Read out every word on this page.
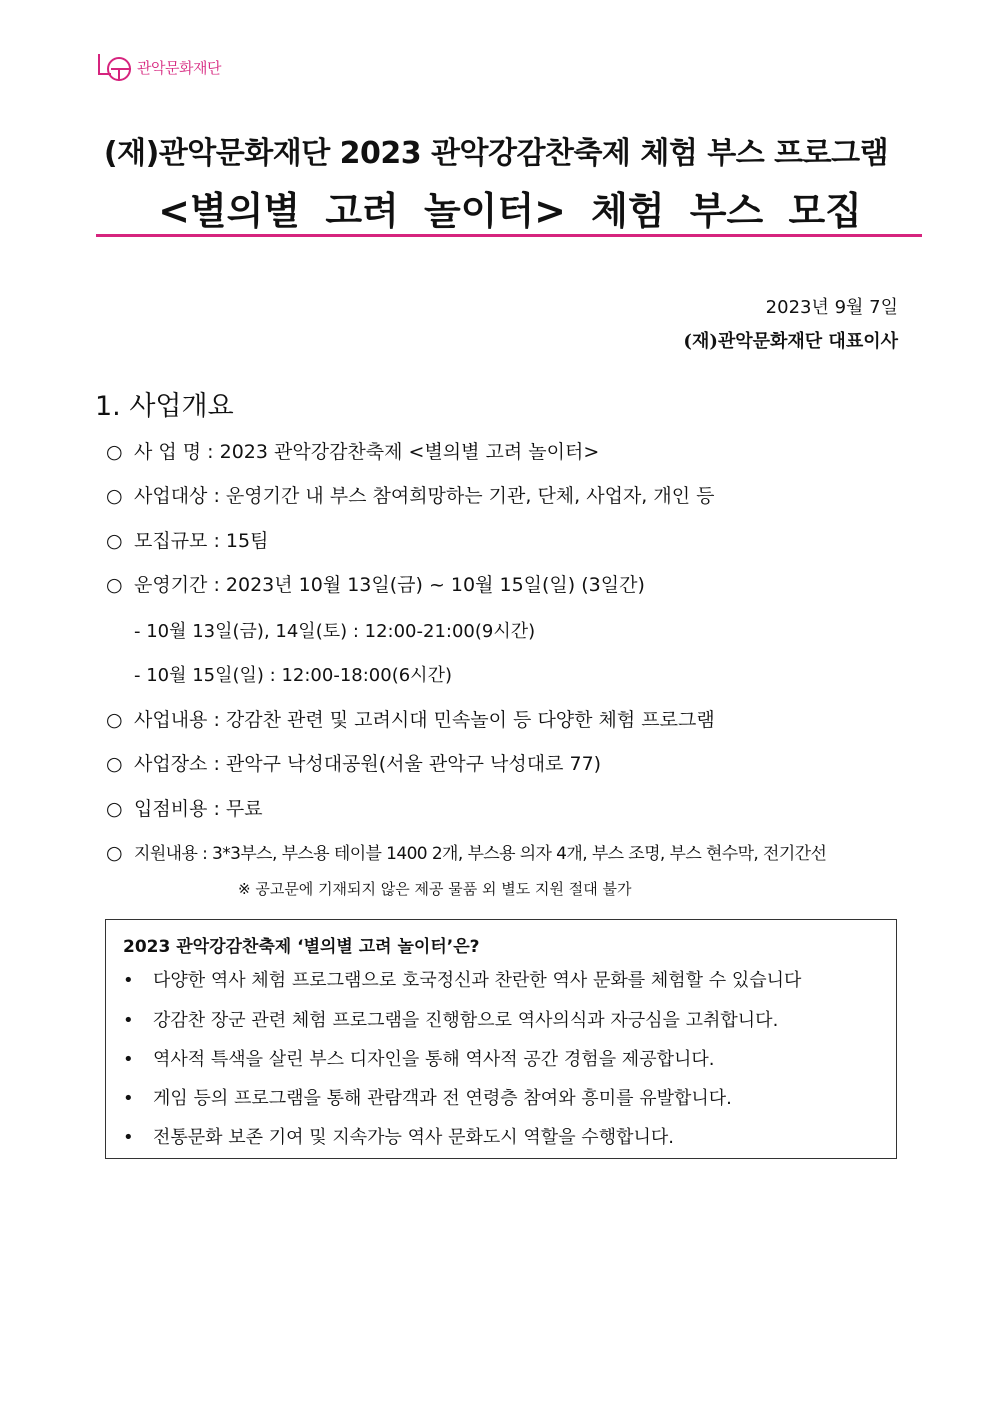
관악문화재단
(재)관악문화재단 2023 관악강감찬축제 체험 부스 프로그램
<별의별 고려 놀이터> 체험 부스 모집
2023년 9월 7일
(재)관악문화재단 대표이사
1. 사업개요
○ 사 업 명 : 2023 관악강감찬축제 <별의별 고려 놀이터>
○ 사업대상 : 운영기간 내 부스 참여희망하는 기관, 단체, 사업자, 개인 등
○ 모집규모 : 15팀
○ 운영기간 : 2023년 10월 13일(금) ~ 10월 15일(일) (3일간)
- 10월 13일(금), 14일(토) : 12:00-21:00(9시간)
- 10월 15일(일) : 12:00-18:00(6시간)
○ 사업내용 : 강감찬 관련 및 고려시대 민속놀이 등 다양한 체험 프로그램
○ 사업장소 : 관악구 낙성대공원(서울 관악구 낙성대로 77)
○ 입점비용 : 무료
○ 지원내용 : 3*3부스, 부스용 테이블 1400 2개, 부스용 의자 4개, 부스 조명, 부스 현수막, 전기간선
※ 공고문에 기재되지 않은 제공 물품 외 별도 지원 절대 불가
2023 관악강감찬축제 ‘별의별 고려 놀이터’은?
• 다양한 역사 체험 프로그램으로 호국정신과 찬란한 역사 문화를 체험할 수 있습니다
• 강감찬 장군 관련 체험 프로그램을 진행함으로 역사의식과 자긍심을 고취합니다.
• 역사적 특색을 살린 부스 디자인을 통해 역사적 공간 경험을 제공합니다.
• 게임 등의 프로그램을 통해 관람객과 전 연령층 참여와 흥미를 유발합니다.
• 전통문화 보존 기여 및 지속가능 역사 문화도시 역할을 수행합니다.
